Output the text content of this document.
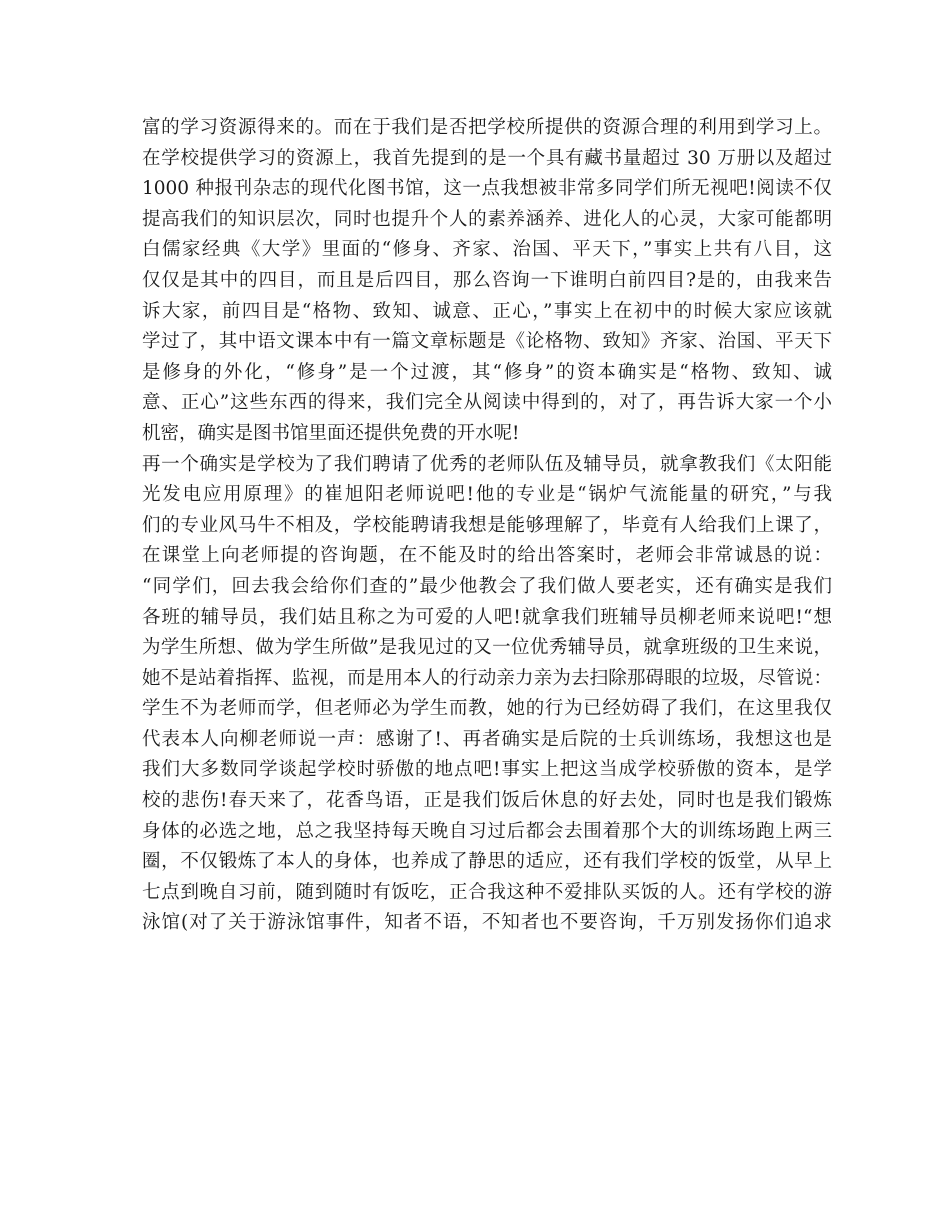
富的学习资源得来的。而在于我们是否把学校所提供的资源合理的利用到学习上。
在学校提供学习的资源上，我首先提到的是一个具有藏书量超过 30 万册以及超过
1000 种报刊杂志的现代化图书馆，这一点我想被非常多同学们所无视吧!阅读不仅
提高我们的知识层次，同时也提升个人的素养涵养、进化人的心灵，大家可能都明
白儒家经典《大学》里面的“修身、齐家、治国、平天下，”事实上共有八目，这
仅仅是其中的四目，而且是后四目，那么咨询一下谁明白前四目?是的，由我来告
诉大家，前四目是“格物、致知、诚意、正心，”事实上在初中的时候大家应该就
学过了，其中语文课本中有一篇文章标题是《论格物、致知》齐家、治国、平天下
是修身的外化，“修身”是一个过渡，其“修身”的资本确实是“格物、致知、诚
意、正心”这些东西的得来，我们完全从阅读中得到的，对了，再告诉大家一个小
机密，确实是图书馆里面还提供免费的开水呢!
再一个确实是学校为了我们聘请了优秀的老师队伍及辅导员，就拿教我们《太阳能
光发电应用原理》的崔旭阳老师说吧!他的专业是“锅炉气流能量的研究，”与我
们的专业风马牛不相及，学校能聘请我想是能够理解了，毕竟有人给我们上课了，
在课堂上向老师提的咨询题，在不能及时的给出答案时，老师会非常诚恳的说：
“同学们，回去我会给你们查的”最少他教会了我们做人要老实，还有确实是我们
各班的辅导员，我们姑且称之为可爱的人吧!就拿我们班辅导员柳老师来说吧!“想
为学生所想、做为学生所做”是我见过的又一位优秀辅导员，就拿班级的卫生来说，
她不是站着指挥、监视，而是用本人的行动亲力亲为去扫除那碍眼的垃圾，尽管说：
学生不为老师而学，但老师必为学生而教，她的行为已经妨碍了我们，在这里我仅
代表本人向柳老师说一声：感谢了!、再者确实是后院的士兵训练场，我想这也是
我们大多数同学谈起学校时骄傲的地点吧!事实上把这当成学校骄傲的资本，是学
校的悲伤!春天来了，花香鸟语，正是我们饭后休息的好去处，同时也是我们锻炼
身体的必选之地，总之我坚持每天晚自习过后都会去围着那个大的训练场跑上两三
圈，不仅锻炼了本人的身体，也养成了静思的适应，还有我们学校的饭堂，从早上
七点到晚自习前，随到随时有饭吃，正合我这种不爱排队买饭的人。还有学校的游
泳馆(对了关于游泳馆事件，知者不语，不知者也不要咨询，千万别发扬你们追求
